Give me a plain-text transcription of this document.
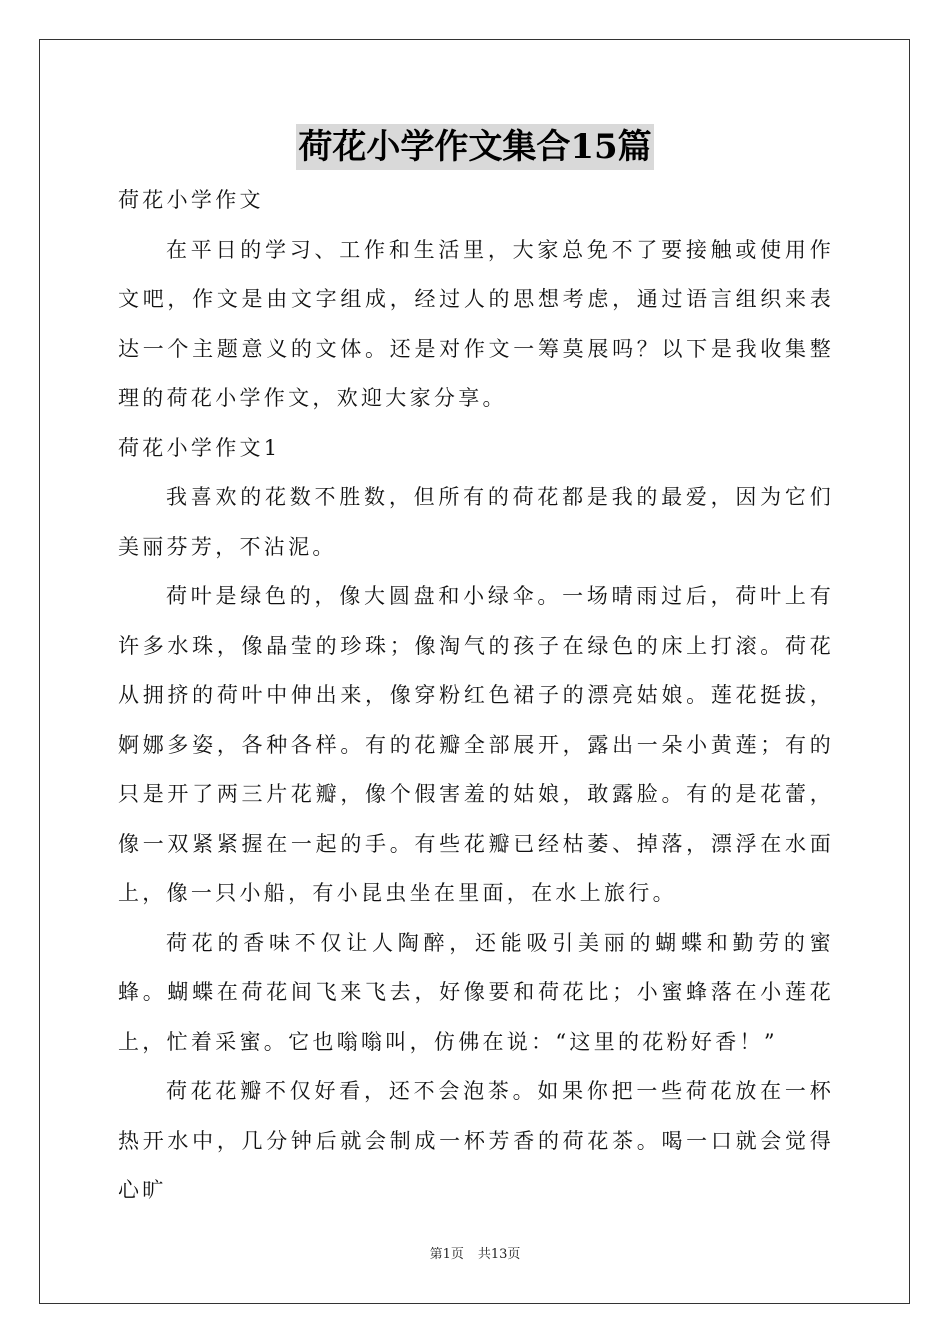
荷花小学作文集合15篇

荷花小学作文

在平日的学习、工作和生活里，大家总免不了要接触或使用作文吧，作文是由文字组成，经过人的思想考虑，通过语言组织来表达一个主题意义的文体。还是对作文一筹莫展吗？以下是我收集整理的荷花小学作文，欢迎大家分享。

荷花小学作文1

我喜欢的花数不胜数，但所有的荷花都是我的最爱，因为它们美丽芬芳，不沾泥。

荷叶是绿色的，像大圆盘和小绿伞。一场晴雨过后，荷叶上有许多水珠，像晶莹的珍珠；像淘气的孩子在绿色的床上打滚。荷花从拥挤的荷叶中伸出来，像穿粉红色裙子的漂亮姑娘。莲花挺拔，婀娜多姿，各种各样。有的花瓣全部展开，露出一朵小黄莲；有的只是开了两三片花瓣，像个假害羞的姑娘，敢露脸。有的是花蕾，像一双紧紧握在一起的手。有些花瓣已经枯萎、掉落，漂浮在水面上，像一只小船，有小昆虫坐在里面，在水上旅行。

荷花的香味不仅让人陶醉，还能吸引美丽的蝴蝶和勤劳的蜜蜂。蝴蝶在荷花间飞来飞去，好像要和荷花比；小蜜蜂落在小莲花上，忙着采蜜。它也嗡嗡叫，仿佛在说：“这里的花粉好香！”

荷花花瓣不仅好看，还不会泡茶。如果你把一些荷花放在一杯热开水中，几分钟后就会制成一杯芳香的荷花茶。喝一口就会觉得心旷

第1页 共13页
